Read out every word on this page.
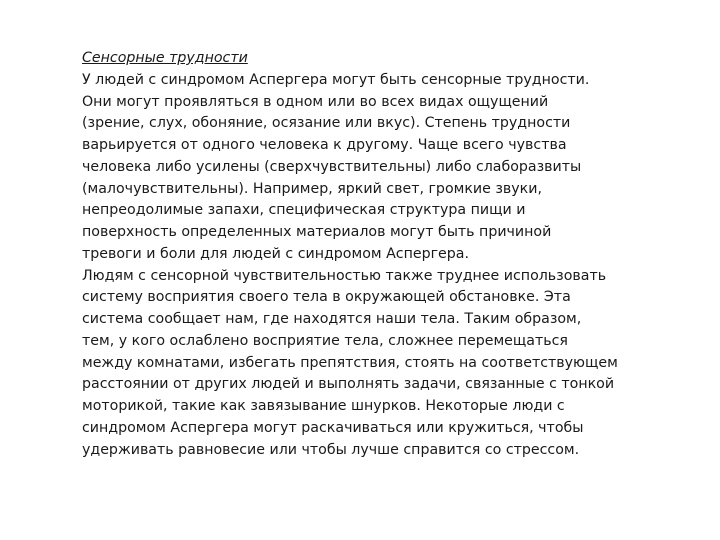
Сенсорные трудности
У людей с синдромом Аспергера могут быть сенсорные трудности.
Они могут проявляться в одном или во всех видах ощущений
(зрение, слух, обоняние, осязание или вкус). Степень трудности
варьируется от одного человека к другому. Чаще всего чувства
человека либо усилены (сверхчувствительны) либо слаборазвиты
(малочувствительны). Например, яркий свет, громкие звуки,
непреодолимые запахи, специфическая структура пищи и
поверхность определенных материалов могут быть причиной
тревоги и боли для людей с синдромом Аспергера.
Людям с сенсорной чувствительностью также труднее использовать
систему восприятия своего тела в окружающей обстановке. Эта
система сообщает нам, где находятся наши тела. Таким образом,
тем, у кого ослаблено восприятие тела, сложнее перемещаться
между комнатами, избегать препятствия, стоять на соответствующем
расстоянии от других людей и выполнять задачи, связанные с тонкой
моторикой, такие как завязывание шнурков. Некоторые люди с
синдромом Аспергера могут раскачиваться или кружиться, чтобы
удерживать равновесие или чтобы лучше справится со стрессом.
